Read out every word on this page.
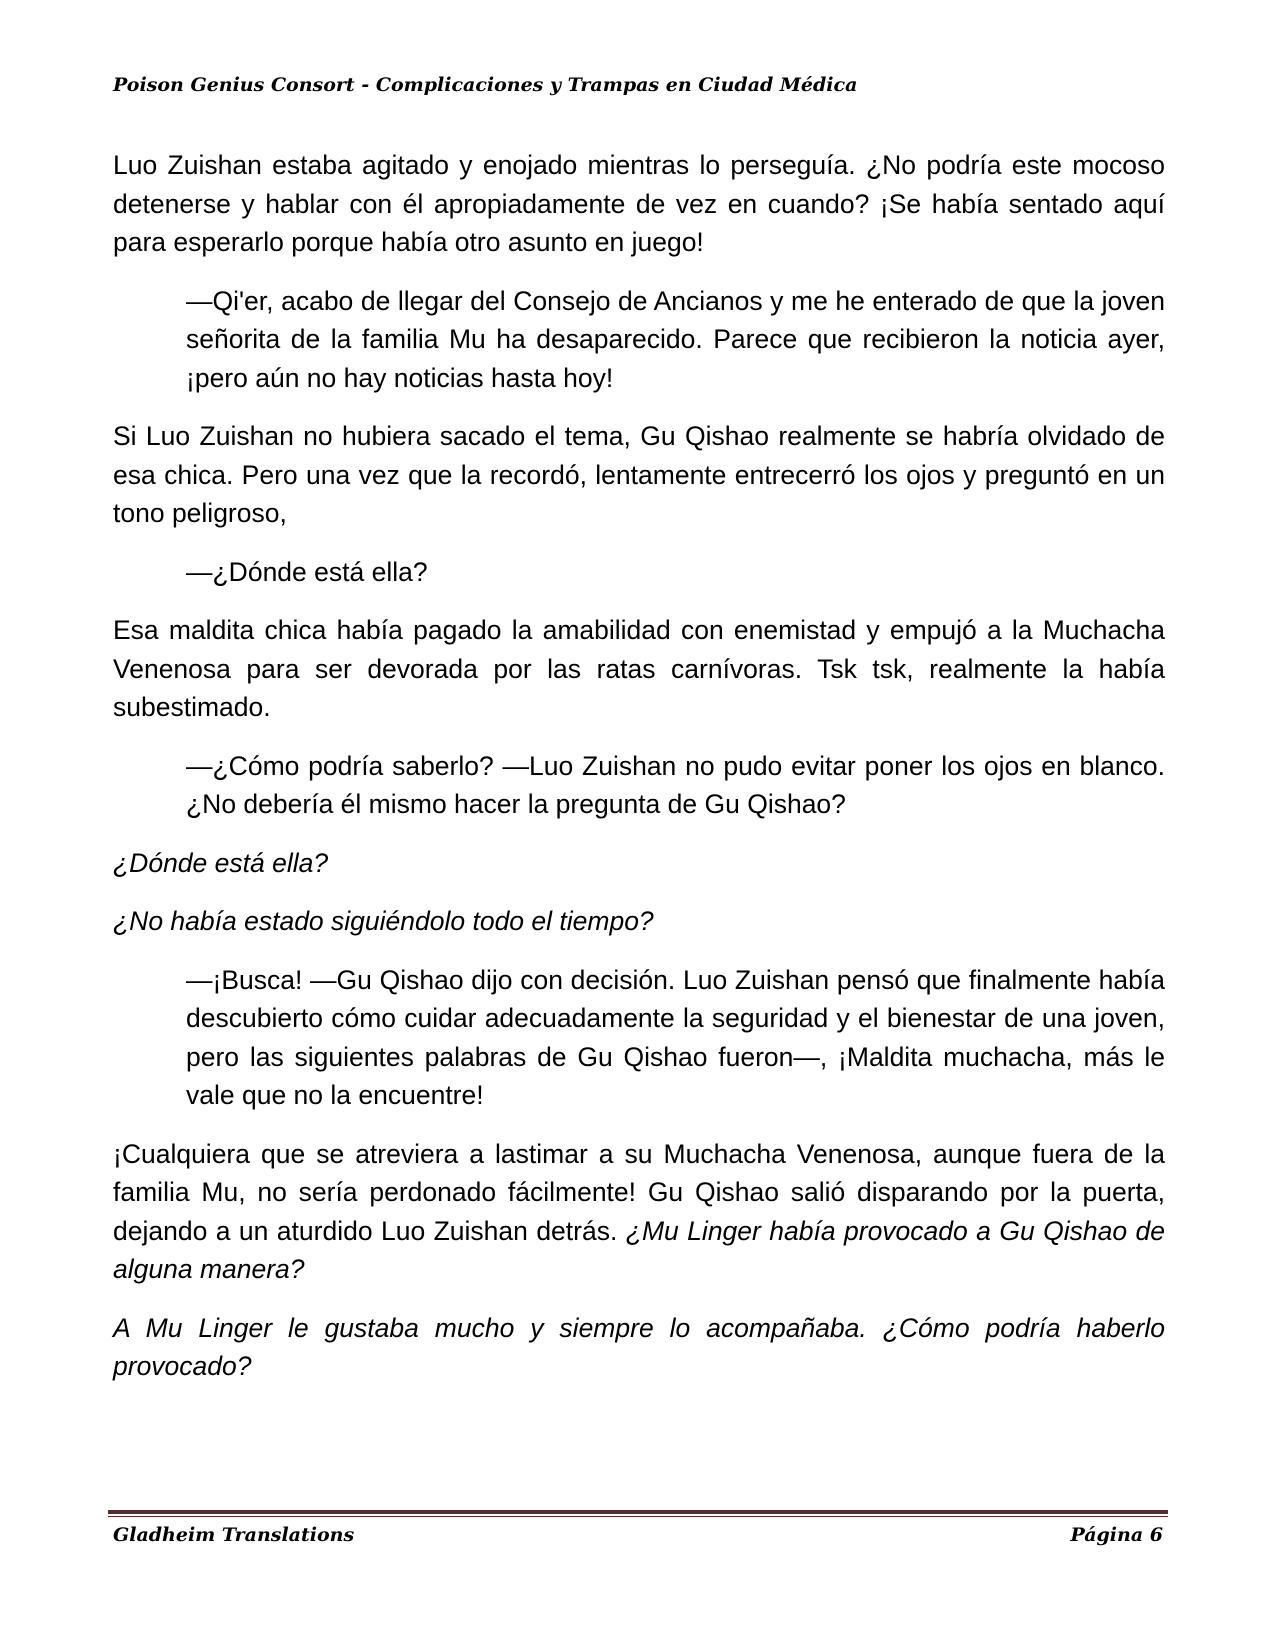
Poison Genius Consort - Complicaciones y Trampas en Ciudad Médica

Luo Zuishan estaba agitado y enojado mientras lo perseguía. ¿No podría este mocoso detenerse y hablar con él apropiadamente de vez en cuando? ¡Se había sentado aquí para esperarlo porque había otro asunto en juego!

—Qi'er, acabo de llegar del Consejo de Ancianos y me he enterado de que la joven señorita de la familia Mu ha desaparecido. Parece que recibieron la noticia ayer, ¡pero aún no hay noticias hasta hoy!

Si Luo Zuishan no hubiera sacado el tema, Gu Qishao realmente se habría olvidado de esa chica. Pero una vez que la recordó, lentamente entrecerró los ojos y preguntó en un tono peligroso,

—¿Dónde está ella?

Esa maldita chica había pagado la amabilidad con enemistad y empujó a la Muchacha Venenosa para ser devorada por las ratas carnívoras. Tsk tsk, realmente la había subestimado.

—¿Cómo podría saberlo? —Luo Zuishan no pudo evitar poner los ojos en blanco. ¿No debería él mismo hacer la pregunta de Gu Qishao?

¿Dónde está ella?

¿No había estado siguiéndolo todo el tiempo?

—¡Busca! —Gu Qishao dijo con decisión. Luo Zuishan pensó que finalmente había descubierto cómo cuidar adecuadamente la seguridad y el bienestar de una joven, pero las siguientes palabras de Gu Qishao fueron—, ¡Maldita muchacha, más le vale que no la encuentre!

¡Cualquiera que se atreviera a lastimar a su Muchacha Venenosa, aunque fuera de la familia Mu, no sería perdonado fácilmente! Gu Qishao salió disparando por la puerta, dejando a un aturdido Luo Zuishan detrás. ¿Mu Linger había provocado a Gu Qishao de alguna manera?

A Mu Linger le gustaba mucho y siempre lo acompañaba. ¿Cómo podría haberlo provocado?

Gladheim Translations	Página 6
